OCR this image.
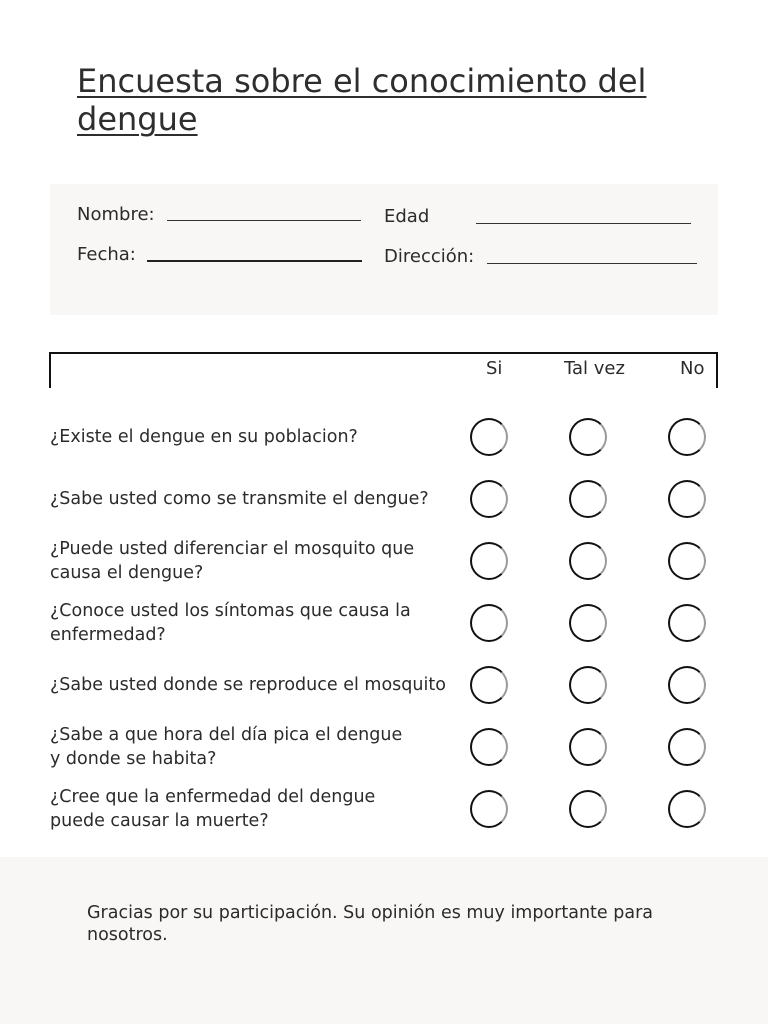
Encuesta sobre el conocimiento del dengue
Nombre:	Edad
Fecha:	Dirección:
Si	Tal vez	No
¿Existe el dengue en su poblacion?
¿Sabe usted como se transmite el dengue?
¿Puede usted diferenciar el mosquito que
causa el dengue?
¿Conoce usted los síntomas que causa la
enfermedad?
¿Sabe usted donde se reproduce el mosquito
¿Sabe a que hora del día pica el dengue
y donde se habita?
¿Cree que la enfermedad del dengue
puede causar la muerte?
Gracias por su participación. Su opinión es muy importante para nosotros.
